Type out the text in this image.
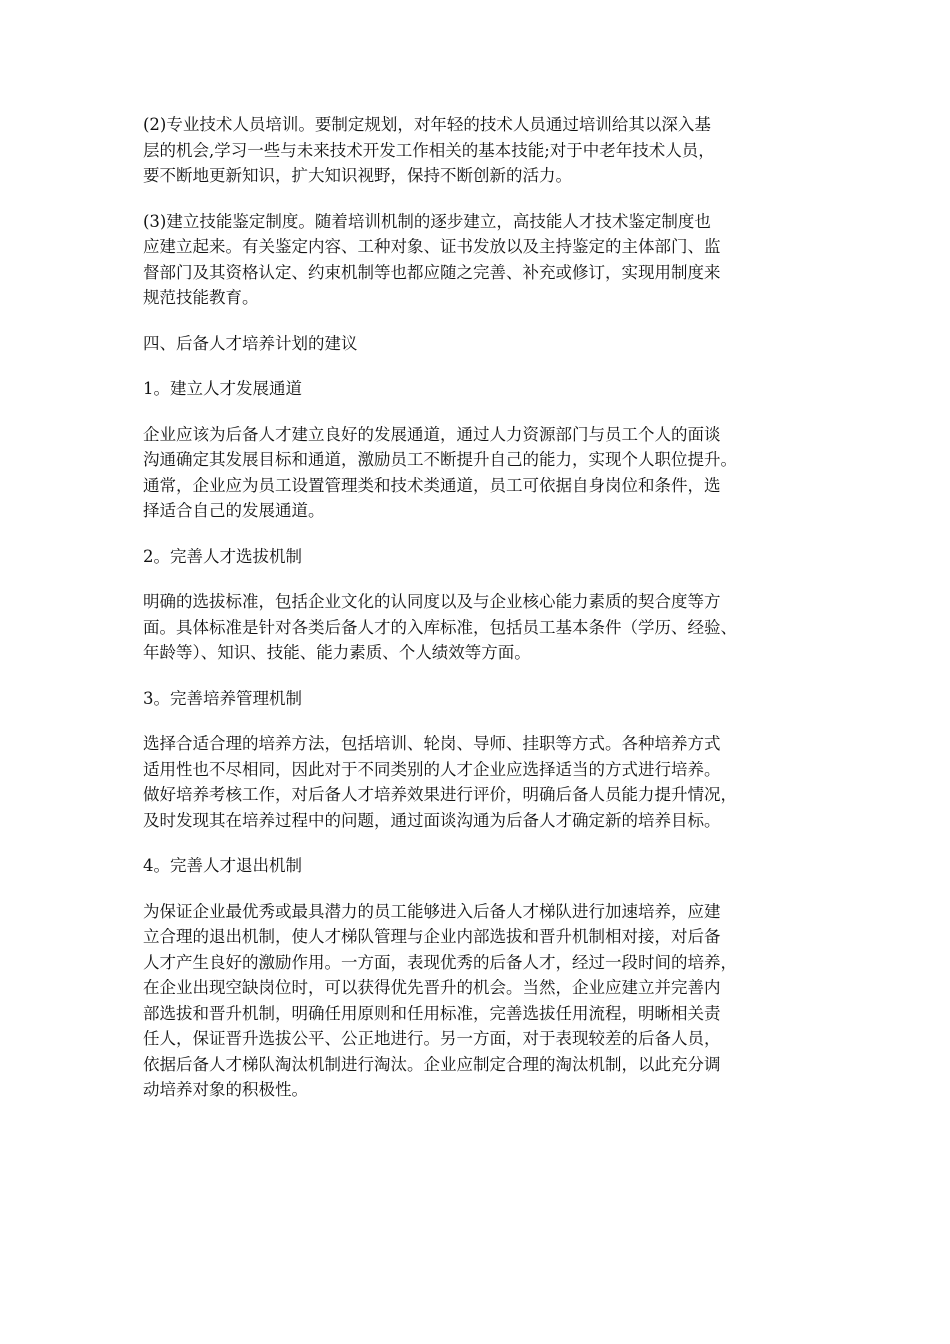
(2)专业技术人员培训。要制定规划，对年轻的技术人员通过培训给其以深入基
层的机会,学习一些与未来技术开发工作相关的基本技能;对于中老年技术人员，
要不断地更新知识，扩大知识视野，保持不断创新的活力。

(3)建立技能鉴定制度。随着培训机制的逐步建立，高技能人才技术鉴定制度也
应建立起来。有关鉴定内容、工种对象、证书发放以及主持鉴定的主体部门、监
督部门及其资格认定、约束机制等也都应随之完善、补充或修订，实现用制度来
规范技能教育。

四、后备人才培养计划的建议

1。建立人才发展通道

企业应该为后备人才建立良好的发展通道，通过人力资源部门与员工个人的面谈
沟通确定其发展目标和通道，激励员工不断提升自己的能力，实现个人职位提升。
通常，企业应为员工设置管理类和技术类通道，员工可依据自身岗位和条件，选
择适合自己的发展通道。

2。完善人才选拔机制

明确的选拔标准，包括企业文化的认同度以及与企业核心能力素质的契合度等方
面。具体标准是针对各类后备人才的入库标准，包括员工基本条件（学历、经验、
年龄等）、知识、技能、能力素质、个人绩效等方面。

3。完善培养管理机制

选择合适合理的培养方法，包括培训、轮岗、导师、挂职等方式。各种培养方式
适用性也不尽相同，因此对于不同类别的人才企业应选择适当的方式进行培养。
做好培养考核工作，对后备人才培养效果进行评价，明确后备人员能力提升情况，
及时发现其在培养过程中的问题，通过面谈沟通为后备人才确定新的培养目标。

4。完善人才退出机制

为保证企业最优秀或最具潜力的员工能够进入后备人才梯队进行加速培养，应建
立合理的退出机制，使人才梯队管理与企业内部选拔和晋升机制相对接，对后备
人才产生良好的激励作用。一方面，表现优秀的后备人才，经过一段时间的培养，
在企业出现空缺岗位时，可以获得优先晋升的机会。当然，企业应建立并完善内
部选拔和晋升机制，明确任用原则和任用标准，完善选拔任用流程，明晰相关责
任人，保证晋升选拔公平、公正地进行。另一方面，对于表现较差的后备人员，
依据后备人才梯队淘汰机制进行淘汰。企业应制定合理的淘汰机制，以此充分调
动培养对象的积极性。
